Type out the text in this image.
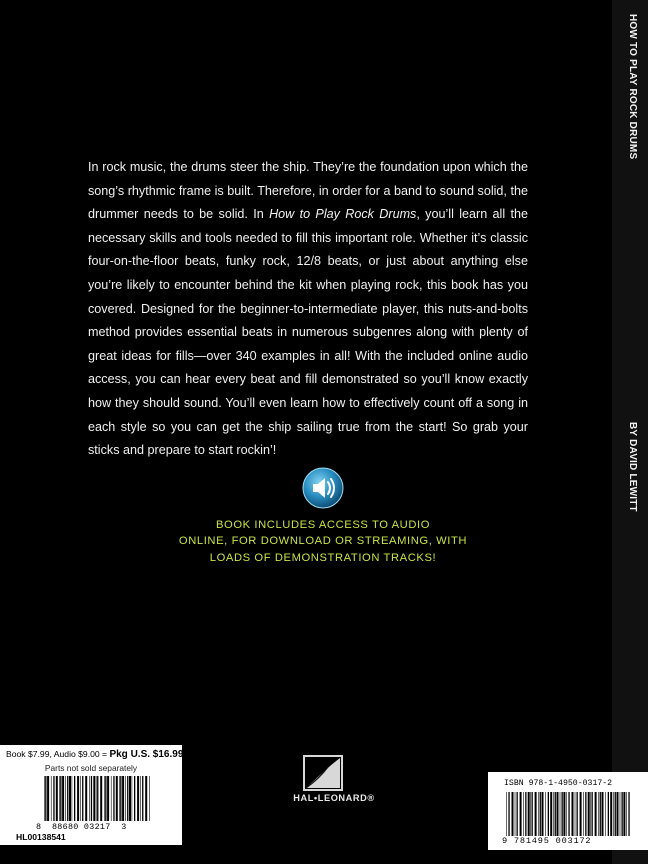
HOW TO PLAY ROCK DRUMS
BY DAVID LEWITT

In rock music, the drums steer the ship. They’re the foundation upon which the song’s rhythmic frame is built. Therefore, in order for a band to sound solid, the drummer needs to be solid. In How to Play Rock Drums, you’ll learn all the necessary skills and tools needed to fill this important role. Whether it’s classic four-on-the-floor beats, funky rock, 12/8 beats, or just about anything else you’re likely to encounter behind the kit when playing rock, this book has you covered. Designed for the beginner-to-intermediate player, this nuts-and-bolts method provides essential beats in numerous subgenres along with plenty of great ideas for fills—over 340 examples in all! With the included online audio access, you can hear every beat and fill demonstrated so you’ll know exactly how they should sound. You’ll even learn how to effectively count off a song in each style so you can get the ship sailing true from the start! So grab your sticks and prepare to start rockin’!

BOOK INCLUDES ACCESS TO AUDIO
ONLINE, FOR DOWNLOAD OR STREAMING, WITH
LOADS OF DEMONSTRATION TRACKS!
Book $7.99, Audio $9.00 = Pkg U.S. $16.99
Parts not sold separately
8  88680 03217  3
HL00138541
HAL•LEONARD®
ISBN 978-1-4950-0317-2
9 781495 003172
